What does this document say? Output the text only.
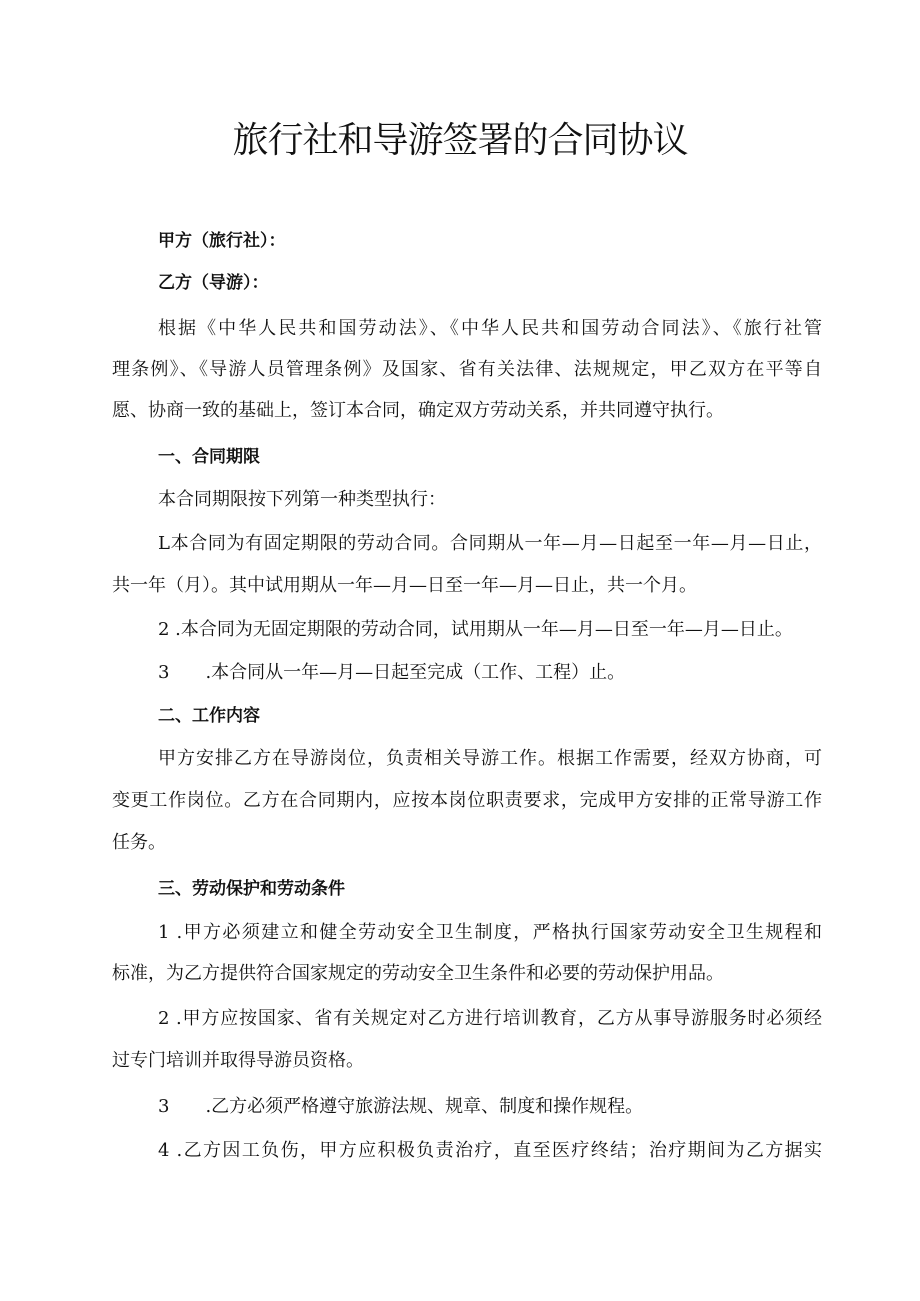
旅行社和导游签署的合同协议
甲方（旅行社）：
乙方（导游）：
根据《中华人民共和国劳动法》、《中华人民共和国劳动合同法》、《旅行社管
理条例》、《导游人员管理条例》及国家、省有关法律、法规规定，甲乙双方在平等自
愿、协商一致的基础上，签订本合同，确定双方劳动关系，并共同遵守执行。
一、合同期限
本合同期限按下列第一种类型执行：
L本合同为有固定期限的劳动合同。合同期从一年—月—日起至一年—月—日止，
共一年（月）。其中试用期从一年—月—日至一年—月—日止，共一个月。
2 .本合同为无固定期限的劳动合同，试用期从一年—月—日至一年—月—日止。
3　　.本合同从一年—月—日起至完成（工作、工程）止。
二、工作内容
甲方安排乙方在导游岗位，负责相关导游工作。根据工作需要，经双方协商，可
变更工作岗位。乙方在合同期内，应按本岗位职责要求，完成甲方安排的正常导游工作
任务。
三、劳动保护和劳动条件
1 .甲方必须建立和健全劳动安全卫生制度，严格执行国家劳动安全卫生规程和
标准，为乙方提供符合国家规定的劳动安全卫生条件和必要的劳动保护用品。
2 .甲方应按国家、省有关规定对乙方进行培训教育，乙方从事导游服务时必须经
过专门培训并取得导游员资格。
3　　.乙方必须严格遵守旅游法规、规章、制度和操作规程。
4 .乙方因工负伤，甲方应积极负责治疗，直至医疗终结；治疗期间为乙方据实
